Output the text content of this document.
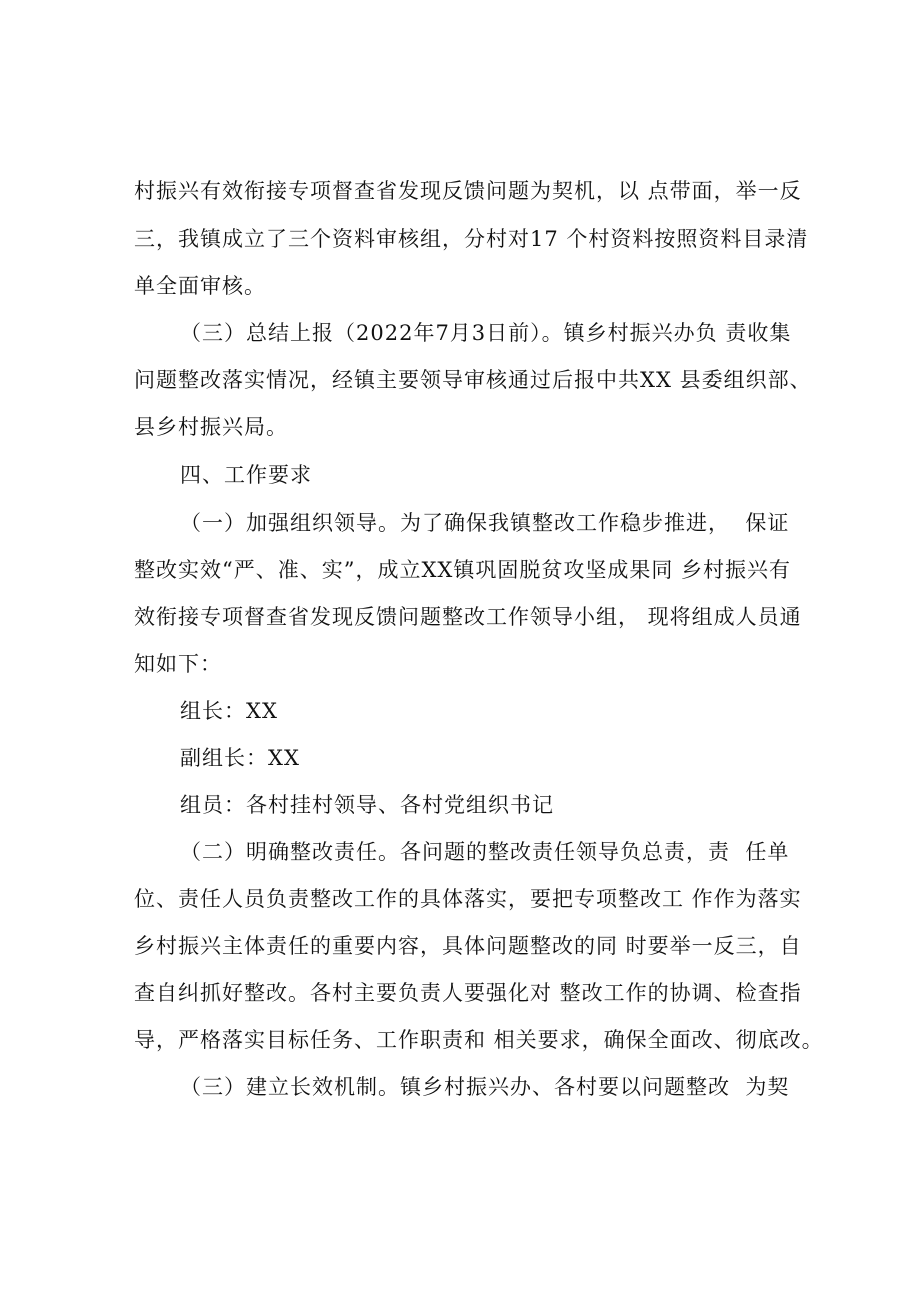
村振兴有效衔接专项督查省发现反馈问题为契机，以 点带面，举一反
三，我镇成立了三个资料审核组，分村对17 个村资料按照资料目录清
单全面审核。
（三）总结上报（2022年7月3日前）。镇乡村振兴办负 责收集
问题整改落实情况，经镇主要领导审核通过后报中共XX 县委组织部、
县乡村振兴局。
四、工作要求
（一）加强组织领导。为了确保我镇整改工作稳步推进，  保证
整改实效“严、准、实”，成立XX镇巩固脱贫攻坚成果同 乡村振兴有
效衔接专项督查省发现反馈问题整改工作领导小组， 现将组成人员通
知如下：
组长：XX
副组长：XX
组员：各村挂村领导、各村党组织书记
（二）明确整改责任。各问题的整改责任领导负总责，责  任单
位、责任人员负责整改工作的具体落实，要把专项整改工 作作为落实
乡村振兴主体责任的重要内容，具体问题整改的同 时要举一反三，自
查自纠抓好整改。各村主要负责人要强化对 整改工作的协调、检查指
导，严格落实目标任务、工作职责和 相关要求，确保全面改、彻底改。
（三）建立长效机制。镇乡村振兴办、各村要以问题整改  为契
